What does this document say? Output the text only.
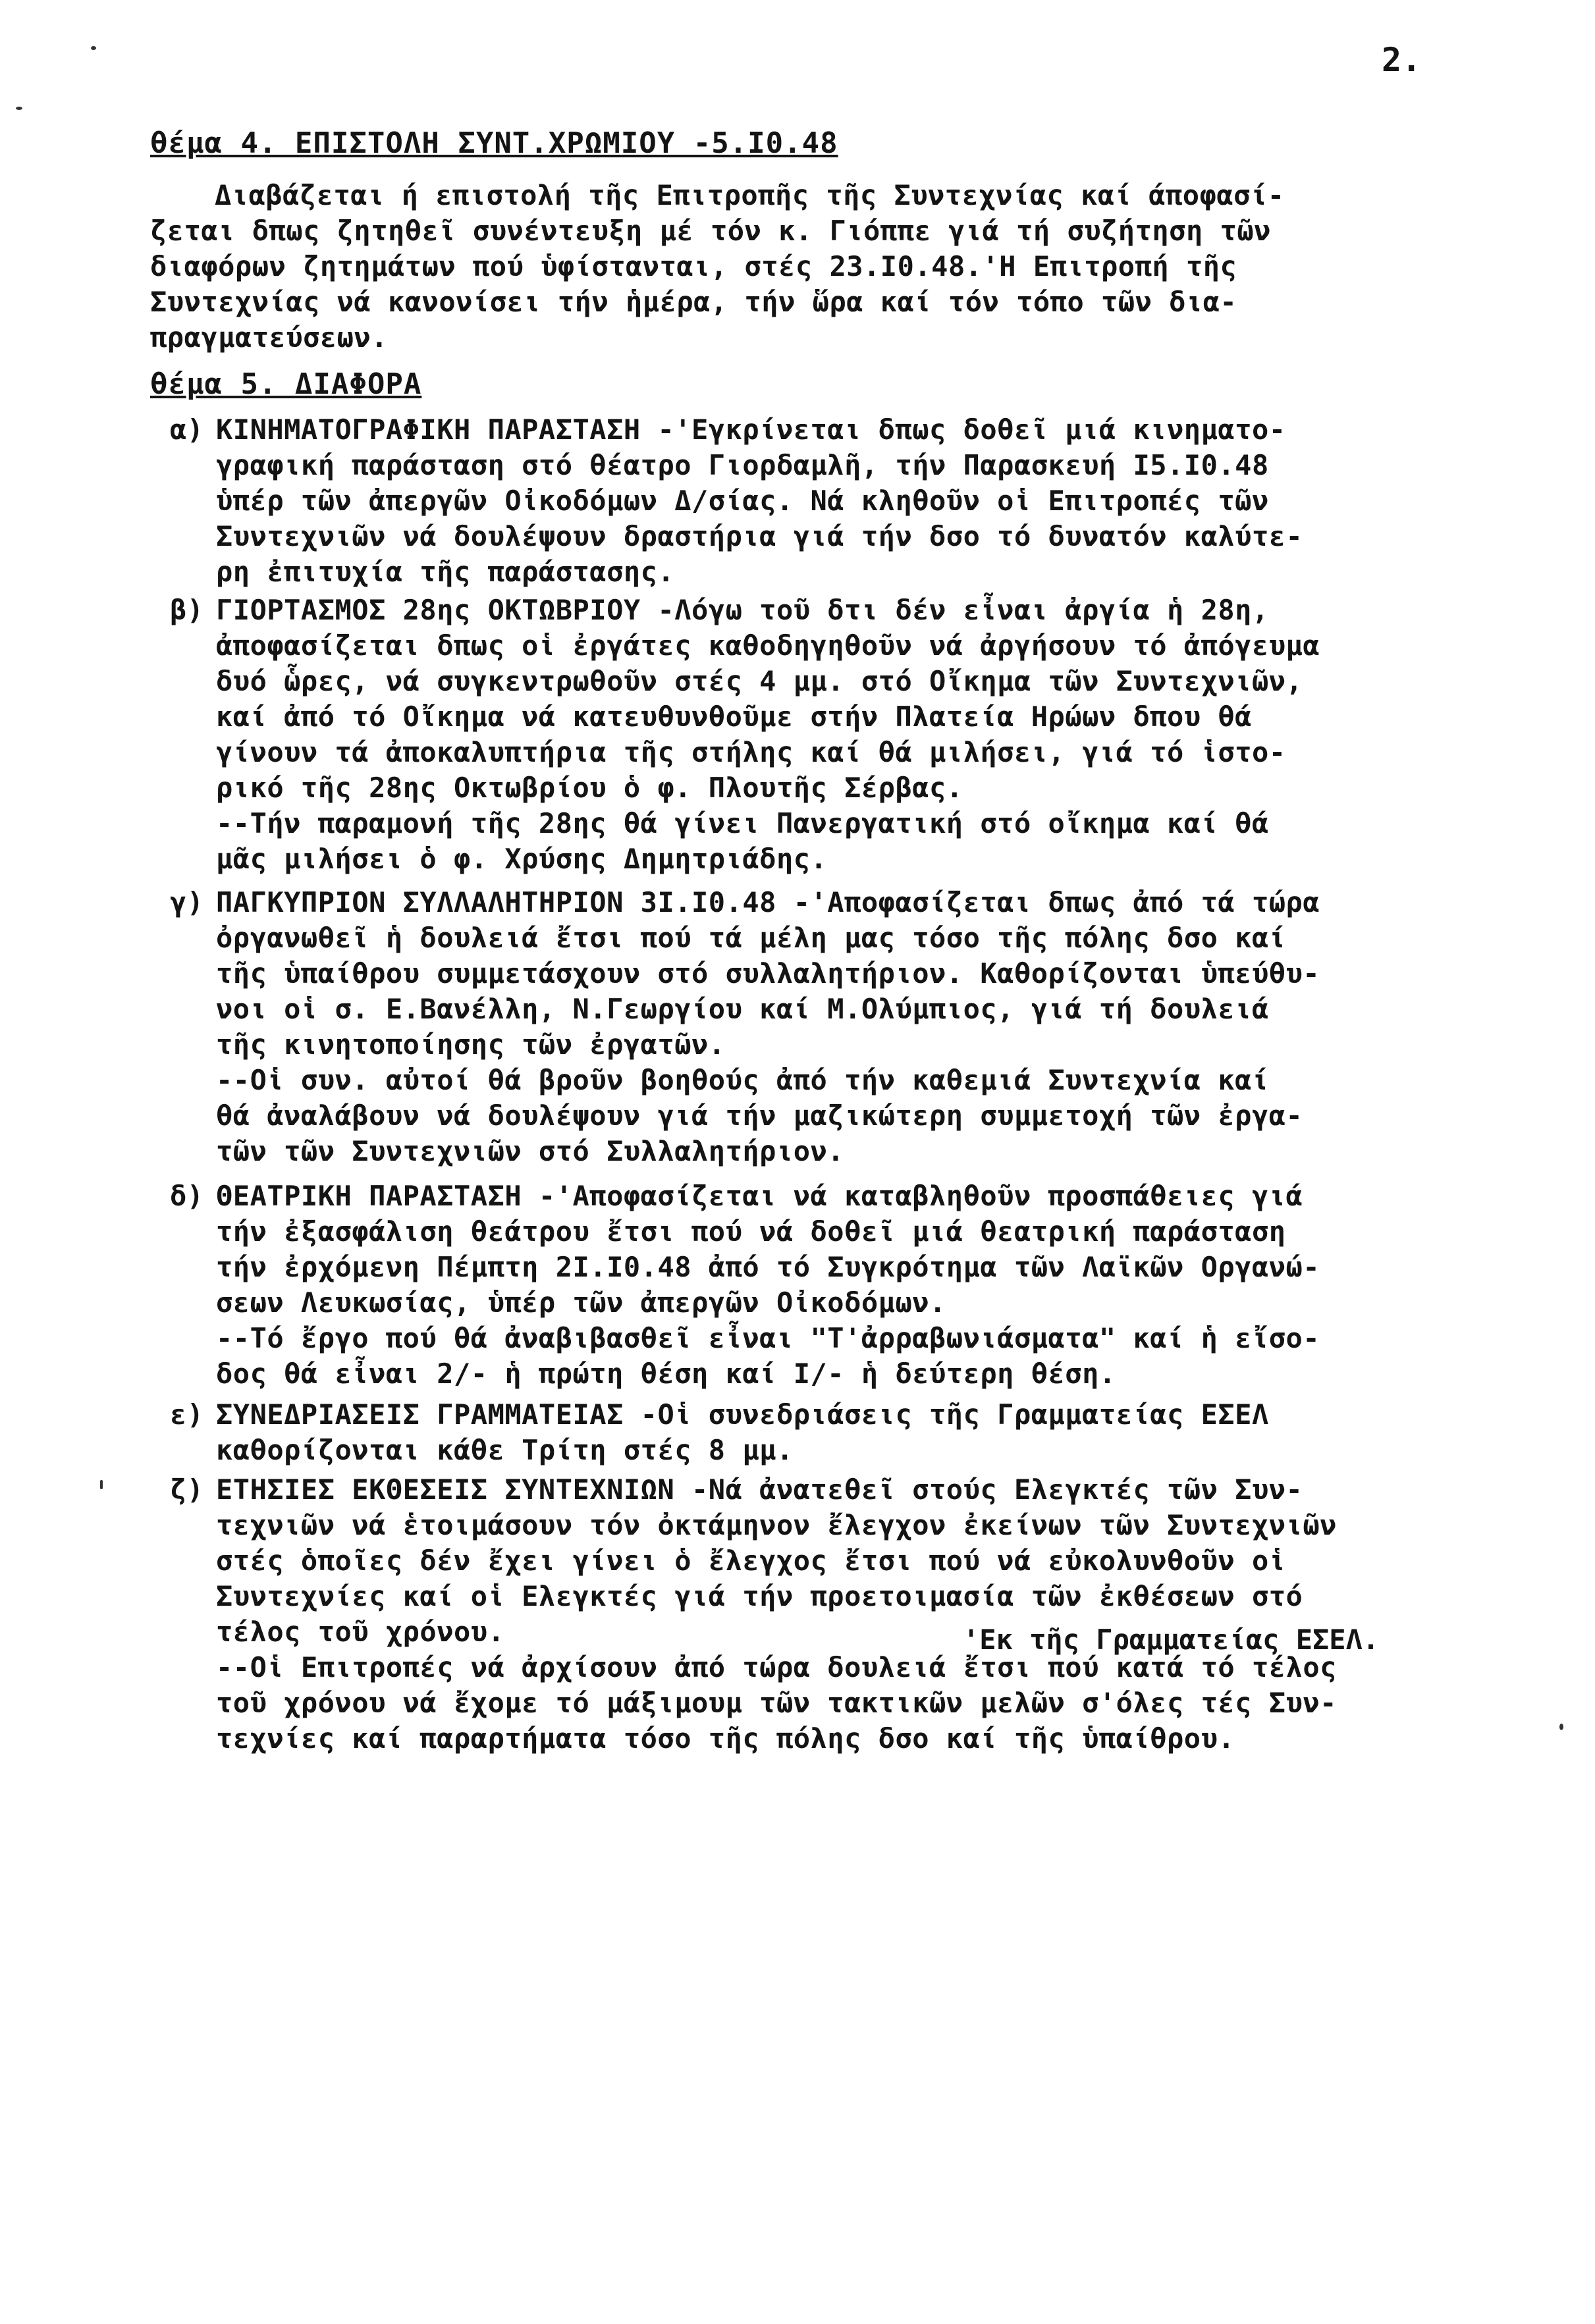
2.

θέμα 4. ΕΠΙΣΤΟΛΗ ΣΥΝΤ.ΧΡΩΜΙΟΥ -5.Ι0.48

Διαβάζεται ή επιστολή τῆς Επιτροπῆς τῆς Συντεχνίας καί άποφασί-
ζεται δπως ζητηθεῖ συνέντευξη μέ τόν κ. Γιόππε γιά τή συζήτηση τῶν
διαφόρων ζητημάτων πού ὑφίστανται, στές 23.Ι0.48.'Η Επιτροπή τῆς
Συντεχνίας νά κανονίσει τήν ἡμέρα, τήν ὥρα καί τόν τόπο τῶν δια-
πραγματεύσεων.

θέμα 5. ΔΙΑΦΟΡΑ

α) ΚΙΝΗΜΑΤΟΓΡΑΦΙΚΗ ΠΑΡΑΣΤΑΣΗ -'Εγκρίνεται δπως δοθεῖ μιά κινηματο-
γραφική παράσταση στό θέατρο Γιορδαμλῆ, τήν Παρασκευή Ι5.Ι0.48
ὑπέρ τῶν ἀπεργῶν Οἰκοδόμων Δ/σίας. Νά κληθοῦν οἱ Επιτροπές τῶν
Συντεχνιῶν νά δουλέψουν δραστήρια γιά τήν δσο τό δυνατόν καλύτε-
ρη ἐπιτυχία τῆς παράστασης.
β) ΓΙΟΡΤΑΣΜΟΣ 28ης ΟΚΤΩΒΡΙΟΥ -Λόγω τοῦ δτι δέν εἶναι ἀργία ἡ 28η,
ἀποφασίζεται δπως οἱ ἐργάτες καθοδηγηθοῦν νά ἀργήσουν τό ἀπόγευμα
δυό ὧρες, νά συγκεντρωθοῦν στές 4 μμ. στό Οἴκημα τῶν Συντεχνιῶν,
καί ἀπό τό Οἴκημα νά κατευθυνθοῦμε στήν Πλατεία Ηρώων δπου θά
γίνουν τά ἀποκαλυπτήρια τῆς στήλης καί θά μιλήσει, γιά τό ἱστο-
ρικό τῆς 28ης Οκτωβρίου ὁ φ. Πλουτῆς Σέρβας.
--Τήν παραμονή τῆς 28ης θά γίνει Πανεργατική στό οἴκημα καί θά
μᾶς μιλήσει ὁ φ. Χρύσης Δημητριάδης.
γ) ΠΑΓΚΥΠΡΙΟΝ ΣΥΛΛΑΛΗΤΗΡΙΟΝ 3Ι.Ι0.48 -'Αποφασίζεται δπως ἀπό τά τώρα
ὀργανωθεῖ ἡ δουλειά ἔτσι πού τά μέλη μας τόσο τῆς πόλης δσο καί
τῆς ὑπαίθρου συμμετάσχουν στό συλλαλητήριον. Καθορίζονται ὑπεύθυ-
νοι οἱ σ. Ε.Βανέλλη, Ν.Γεωργίου καί Μ.Ολύμπιος, γιά τή δουλειά
τῆς κινητοποίησης τῶν ἐργατῶν.
--Οἱ συν. αὐτοί θά βροῦν βοηθούς ἀπό τήν καθεμιά Συντεχνία καί
θά ἀναλάβουν νά δουλέψουν γιά τήν μαζικώτερη συμμετοχή τῶν ἐργα-
τῶν τῶν Συντεχνιῶν στό Συλλαλητήριον.
δ) ΘΕΑΤΡΙΚΗ ΠΑΡΑΣΤΑΣΗ -'Αποφασίζεται νά καταβληθοῦν προσπάθειες γιά
τήν ἐξασφάλιση θεάτρου ἔτσι πού νά δοθεῖ μιά θεατρική παράσταση
τήν ἐρχόμενη Πέμπτη 2Ι.Ι0.48 ἀπό τό Συγκρότημα τῶν Λαϊκῶν Οργανώ-
σεων Λευκωσίας, ὑπέρ τῶν ἀπεργῶν Οἰκοδόμων.
--Τό ἔργο πού θά ἀναβιβασθεῖ εἶναι "Τ'ἀρραβωνιάσματα" καί ἡ εἴσο-
δος θά εἶναι 2/- ἡ πρώτη θέση καί Ι/- ἡ δεύτερη θέση.
ε) ΣΥΝΕΔΡΙΑΣΕΙΣ ΓΡΑΜΜΑΤΕΙΑΣ -Οἱ συνεδριάσεις τῆς Γραμματείας ΕΣΕΛ
καθορίζονται κάθε Τρίτη στές 8 μμ.
ζ) ΕΤΗΣΙΕΣ ΕΚΘΕΣΕΙΣ ΣΥΝΤΕΧΝΙΩΝ -Νά ἀνατεθεῖ στούς Ελεγκτές τῶν Συν-
τεχνιῶν νά ἑτοιμάσουν τόν ὀκτάμηνον ἔλεγχον ἐκείνων τῶν Συντεχνιῶν
στές ὁποῖες δέν ἔχει γίνει ὁ ἔλεγχος ἔτσι πού νά εὐκολυνθοῦν οἱ
Συντεχνίες καί οἱ Ελεγκτές γιά τήν προετοιμασία τῶν ἐκθέσεων στό
τέλος τοῦ χρόνου.
--Οἱ Επιτροπές νά ἀρχίσουν ἀπό τώρα δουλειά ἔτσι πού κατά τό τέλος
τοῦ χρόνου νά ἔχομε τό μάξιμουμ τῶν τακτικῶν μελῶν σ'όλες τές Συν-
τεχνίες καί παραρτήματα τόσο τῆς πόλης δσο καί τῆς ὑπαίθρου.

'Εκ τῆς Γραμματείας ΕΣΕΛ.
